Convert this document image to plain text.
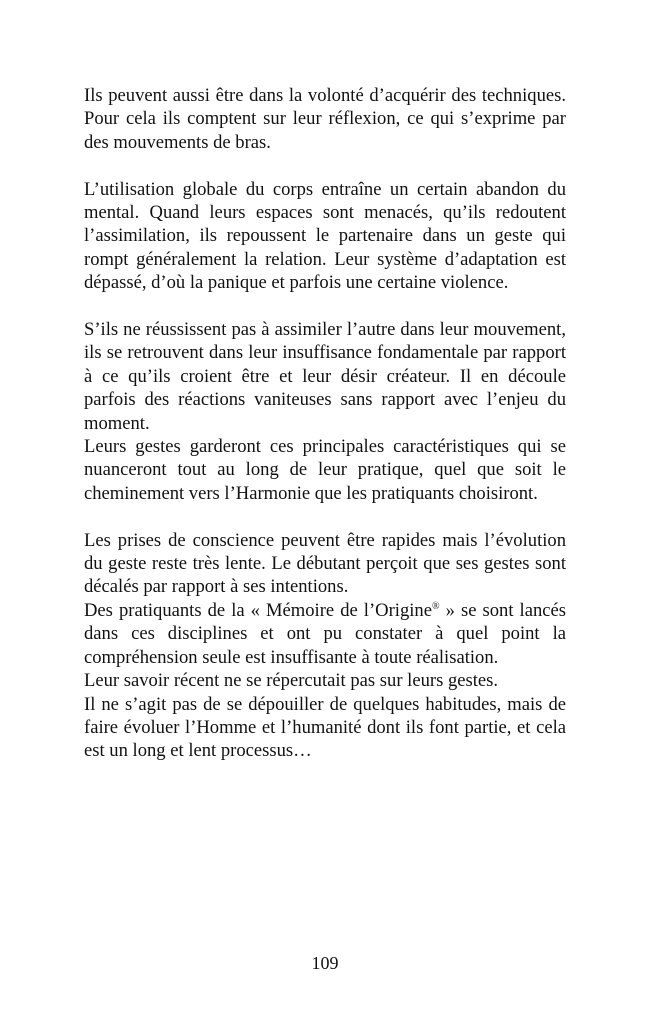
Ils peuvent aussi être dans la volonté d’acquérir des techniques. Pour cela ils comptent sur leur réflexion, ce qui s’exprime par des mouvements de bras.

L’utilisation globale du corps entraîne un certain abandon du mental. Quand leurs espaces sont menacés, qu’ils redoutent l’assimilation, ils repoussent le partenaire dans un geste qui rompt généralement la relation. Leur système d’adaptation est dépassé, d’où la panique et parfois une certaine violence.

S’ils ne réussissent pas à assimiler l’autre dans leur mouvement, ils se retrouvent dans leur insuffisance fondamentale par rapport à ce qu’ils croient être et leur désir créateur. Il en découle parfois des réactions vaniteuses sans rapport avec l’enjeu du moment.

Leurs gestes garderont ces principales caractéristiques qui se nuanceront tout au long de leur pratique, quel que soit le cheminement vers l’Harmonie que les pratiquants choisiront.

Les prises de conscience peuvent être rapides mais l’évolution du geste reste très lente. Le débutant perçoit que ses gestes sont décalés par rapport à ses intentions.

Des pratiquants de la « Mémoire de l’Origine® » se sont lancés dans ces disciplines et ont pu constater à quel point la compréhension seule est insuffisante à toute réalisation.

Leur savoir récent ne se répercutait pas sur leurs gestes.

Il ne s’agit pas de se dépouiller de quelques habitudes, mais de faire évoluer l’Homme et l’humanité dont ils font partie, et cela est un long et lent processus…

109
